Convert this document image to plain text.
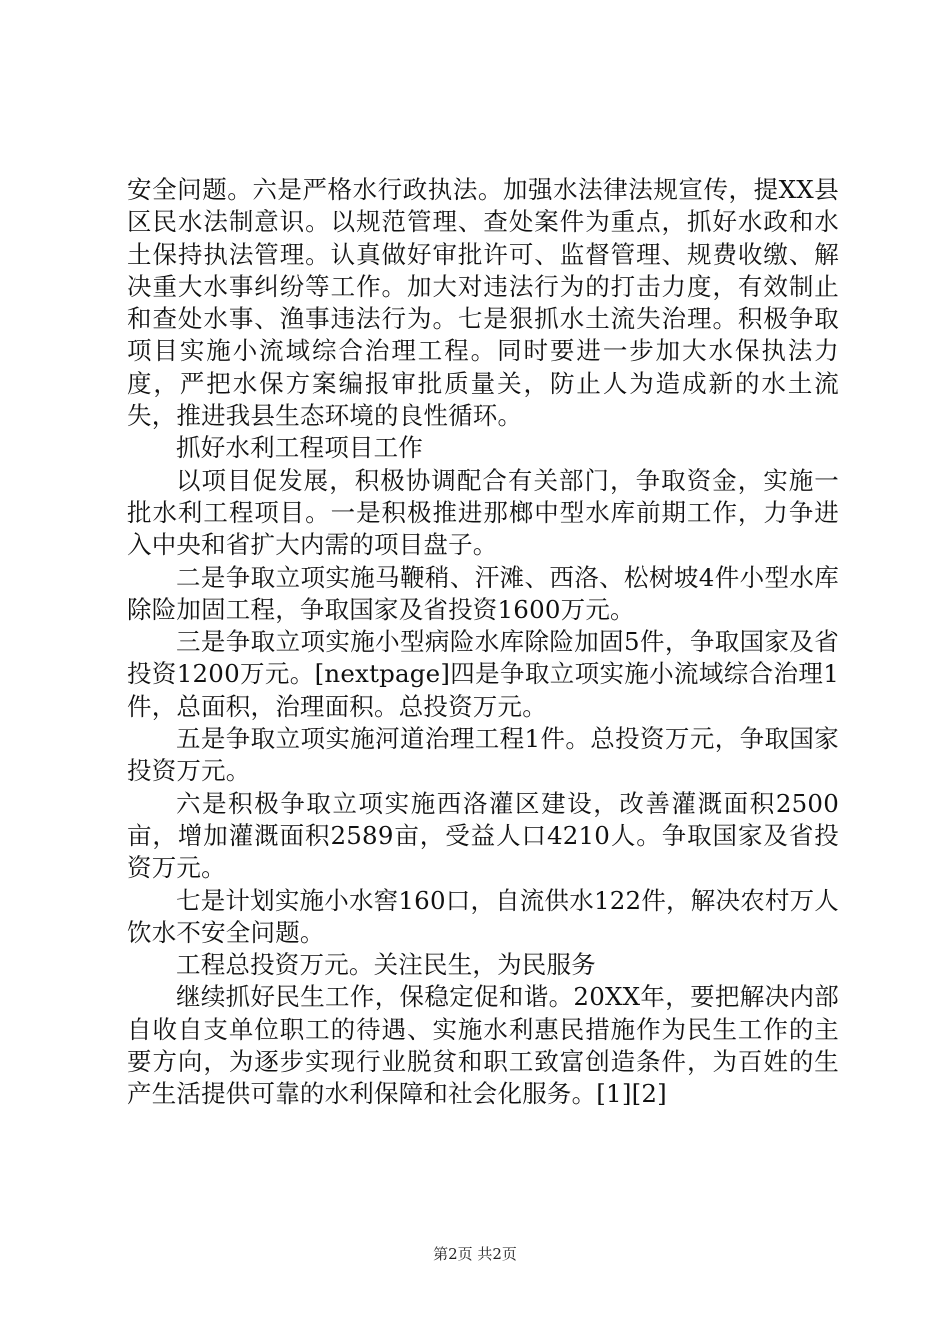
安全问题。六是严格水行政执法。加强水法律法规宣传，提XX县区民水法制意识。以规范管理、查处案件为重点，抓好水政和水土保持执法管理。认真做好审批许可、监督管理、规费收缴、解决重大水事纠纷等工作。加大对违法行为的打击力度，有效制止和查处水事、渔事违法行为。七是狠抓水土流失治理。积极争取项目实施小流域综合治理工程。同时要进一步加大水保执法力度，严把水保方案编报审批质量关，防止人为造成新的水土流失，推进我县生态环境的良性循环。

抓好水利工程项目工作

以项目促发展，积极协调配合有关部门，争取资金，实施一批水利工程项目。一是积极推进那榔中型水库前期工作，力争进入中央和省扩大内需的项目盘子。

二是争取立项实施马鞭稍、汗滩、西洛、松树坡4件小型水库除险加固工程，争取国家及省投资1600万元。

三是争取立项实施小型病险水库除险加固5件，争取国家及省投资1200万元。[nextpage]四是争取立项实施小流域综合治理1件，总面积，治理面积。总投资万元。

五是争取立项实施河道治理工程1件。总投资万元，争取国家投资万元。

六是积极争取立项实施西洛灌区建设，改善灌溉面积2500亩，增加灌溉面积2589亩，受益人口4210人。争取国家及省投资万元。

七是计划实施小水窖160口，自流供水122件，解决农村万人饮水不安全问题。

工程总投资万元。关注民生，为民服务

继续抓好民生工作，保稳定促和谐。20XX年，要把解决内部自收自支单位职工的待遇、实施水利惠民措施作为民生工作的主要方向，为逐步实现行业脱贫和职工致富创造条件，为百姓的生产生活提供可靠的水利保障和社会化服务。[1][2]

第2页 共2页
